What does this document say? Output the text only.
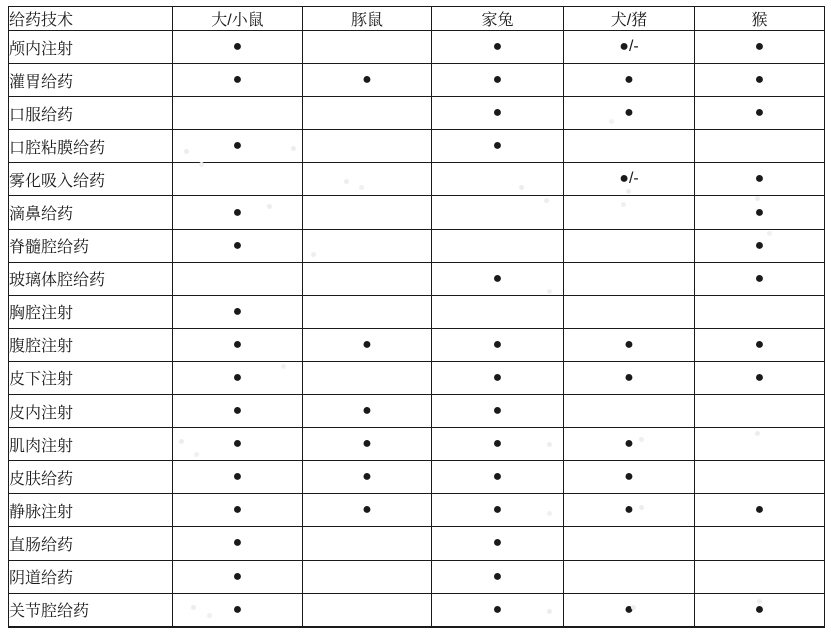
给药技术	大/小鼠	豚鼠	家兔	犬/猪	猴
颅内注射	●		●	●/-	●
灌胃给药	●	●	●	●	●
口服给药			●	●	●
口腔粘膜给药	●		●		
雾化吸入给药				●/-	●
滴鼻给药	●				●
脊髓腔给药	●				●
玻璃体腔给药			●		●
胸腔注射	●				
腹腔注射	●	●	●	●	●
皮下注射	●		●	●	●
皮内注射	●	●	●		
肌肉注射	●	●	●	●	
皮肤给药	●	●	●	●	
静脉注射	●	●	●	●	●
直肠给药	●		●		
阴道给药	●		●		
关节腔给药	●		●	●	●
